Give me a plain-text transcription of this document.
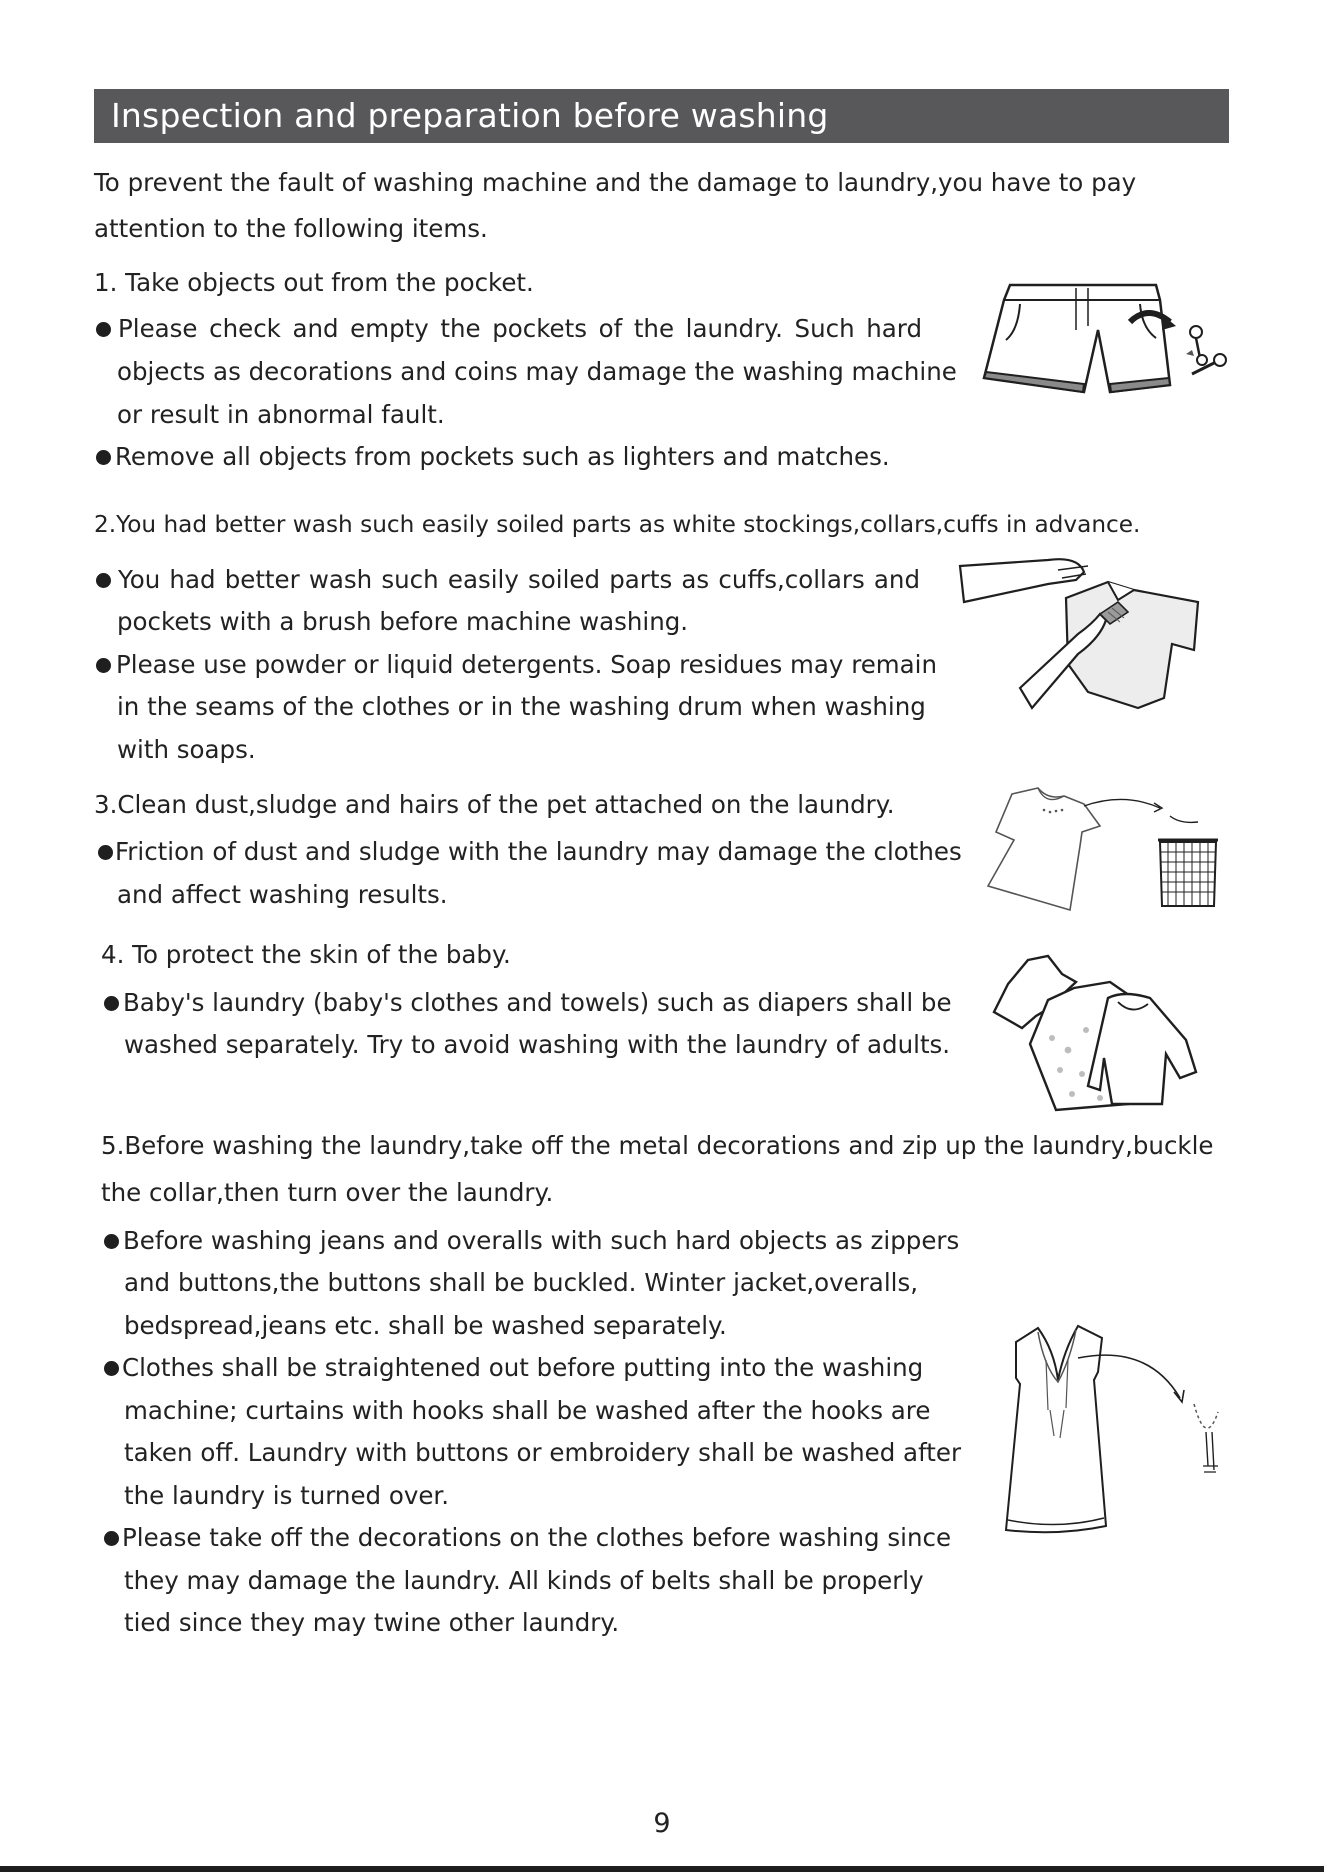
Inspection and preparation before washing
To prevent the fault of washing machine and the damage to laundry,you have to pay
attention to the following items.
1. Take objects out from the pocket.
Please check and empty the pockets of the laundry. Such hard
objects as decorations and coins may damage the washing machine
or result in abnormal fault.
Remove all objects from pockets such as lighters and matches.
2.You had better wash such easily soiled parts as white stockings,collars,cuffs in advance.
You had better wash such easily soiled parts as cuffs,collars and
pockets with a brush before machine washing.
Please use powder or liquid detergents. Soap residues may remain
in the seams of the clothes or in the washing drum when washing
with soaps.
3.Clean dust,sludge and hairs of the pet attached on the laundry.
Friction of dust and sludge with the laundry may damage the clothes
and affect washing results.
4. To protect the skin of the baby.
Baby's laundry (baby's clothes and towels) such as diapers shall be
washed separately. Try to avoid washing with the laundry of adults.
5.Before washing the laundry,take off the metal decorations and zip up the laundry,buckle
the collar,then turn over the laundry.
Before washing jeans and overalls with such hard objects as zippers
and buttons,the buttons shall be buckled. Winter jacket,overalls,
bedspread,jeans etc. shall be washed separately.
Clothes shall be straightened out before putting into the washing
machine; curtains with hooks shall be washed after the hooks are
taken off. Laundry with buttons or embroidery shall be washed after
the laundry is turned over.
Please take off the decorations on the clothes before washing since
they may damage the laundry. All kinds of belts shall be properly
tied since they may twine other laundry.
9
